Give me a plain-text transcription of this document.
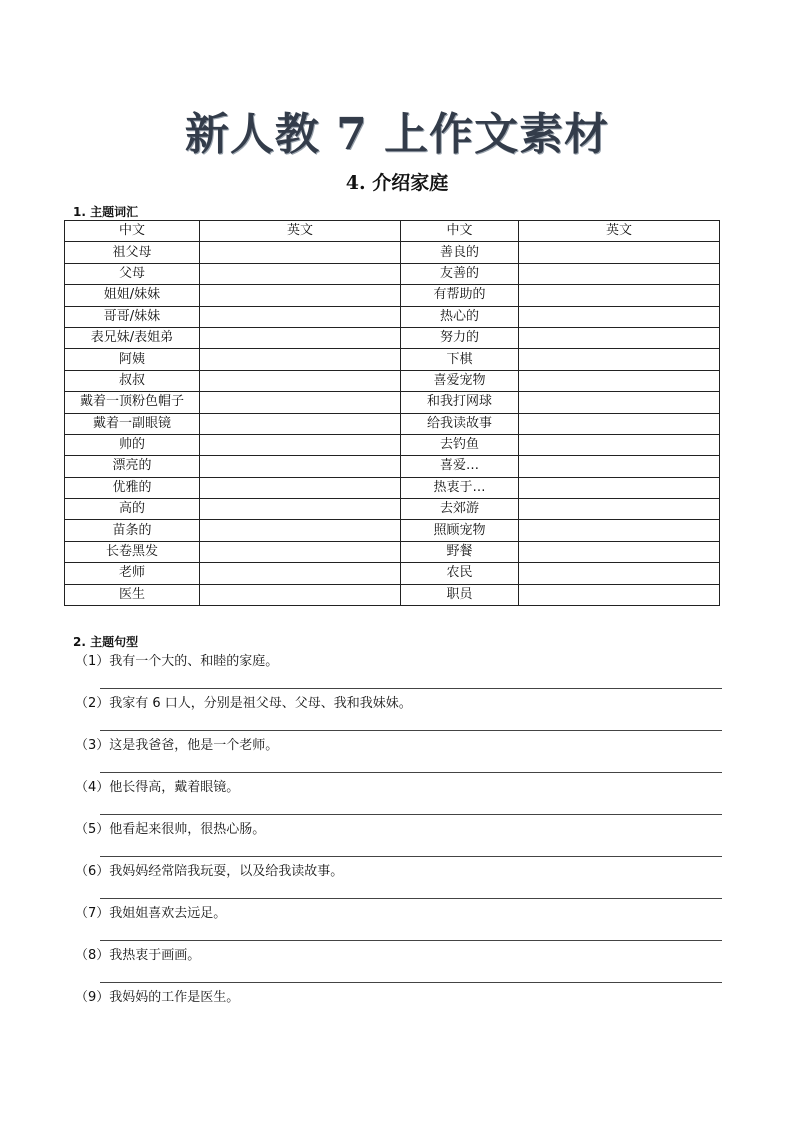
新人教 7 上作文素材
4. 介绍家庭
1. 主题词汇
中文	英文	中文	英文
祖父母		善良的	
父母		友善的	
姐姐/妹妹		有帮助的	
哥哥/妹妹		热心的	
表兄妹/表姐弟		努力的	
阿姨		下棋	
叔叔		喜爱宠物	
戴着一顶粉色帽子		和我打网球	
戴着一副眼镜		给我读故事	
帅的		去钓鱼	
漂亮的		喜爱…	
优雅的		热衷于…	
高的		去郊游	
苗条的		照顾宠物	
长卷黑发		野餐	
老师		农民	
医生		职员	
2. 主题句型
（1）我有一个大的、和睦的家庭。
（2）我家有 6 口人，分别是祖父母、父母、我和我妹妹。
（3）这是我爸爸，他是一个老师。
（4）他长得高，戴着眼镜。
（5）他看起来很帅，很热心肠。
（6）我妈妈经常陪我玩耍，以及给我读故事。
（7）我姐姐喜欢去远足。
（8）我热衷于画画。
（9）我妈妈的工作是医生。
